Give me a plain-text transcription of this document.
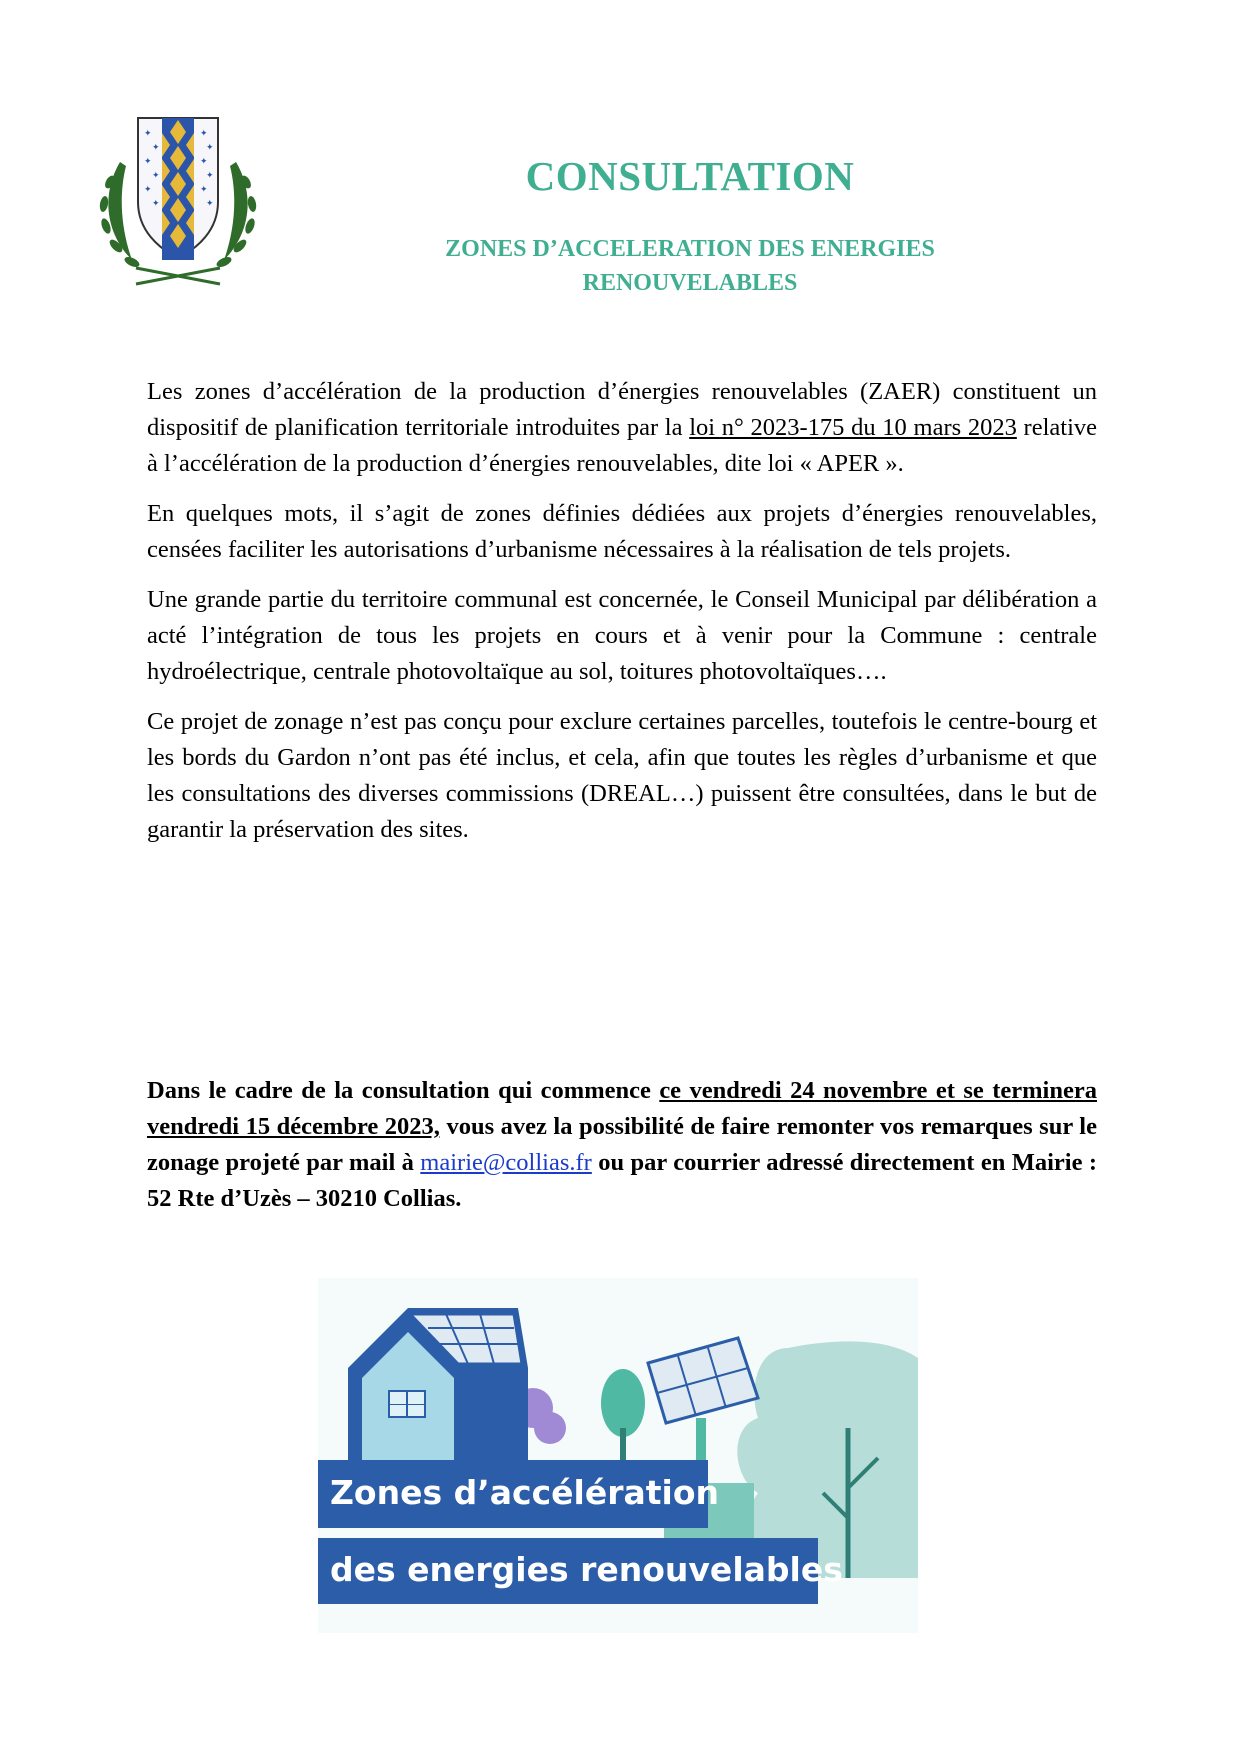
✦
✦
✦
✦
✦
✦
✦
✦
✦
✦
✦
✦
CONSULTATION
ZONES D’ACCELERATION DES ENERGIES
RENOUVELABLES

Les zones d’accélération de la production d’énergies renouvelables (ZAER) constituent un dispositif de planification territoriale introduites par la loi n° 2023-175 du 10 mars 2023 relative à l’accélération de la production d’énergies renouvelables, dite loi « APER ».

En quelques mots, il s’agit de zones définies dédiées aux projets d’énergies renouvelables, censées faciliter les autorisations d’urbanisme nécessaires à la réalisation de tels projets.

Une grande partie du territoire communal est concernée, le Conseil Municipal par délibération a acté l’intégration de tous les projets en cours et à venir pour la Commune : centrale hydroélectrique, centrale photovoltaïque au sol, toitures photovoltaïques….

Ce projet de zonage n’est pas conçu pour exclure certaines parcelles, toutefois le centre-bourg et les bords du Gardon n’ont pas été inclus, et cela, afin que toutes les règles d’urbanisme et que les consultations des diverses commissions (DREAL…) puissent être consultées, dans le but de garantir la préservation des sites.

Dans le cadre de la consultation qui commence ce vendredi 24 novembre et se terminera vendredi 15 décembre 2023, vous avez la possibilité de faire remonter vos remarques sur le zonage projeté par mail à mairie@collias.fr ou par courrier adressé directement en Mairie : 52 Rte d’Uzès – 30210 Collias.

Zones d’accélération
des energies renouvelables
